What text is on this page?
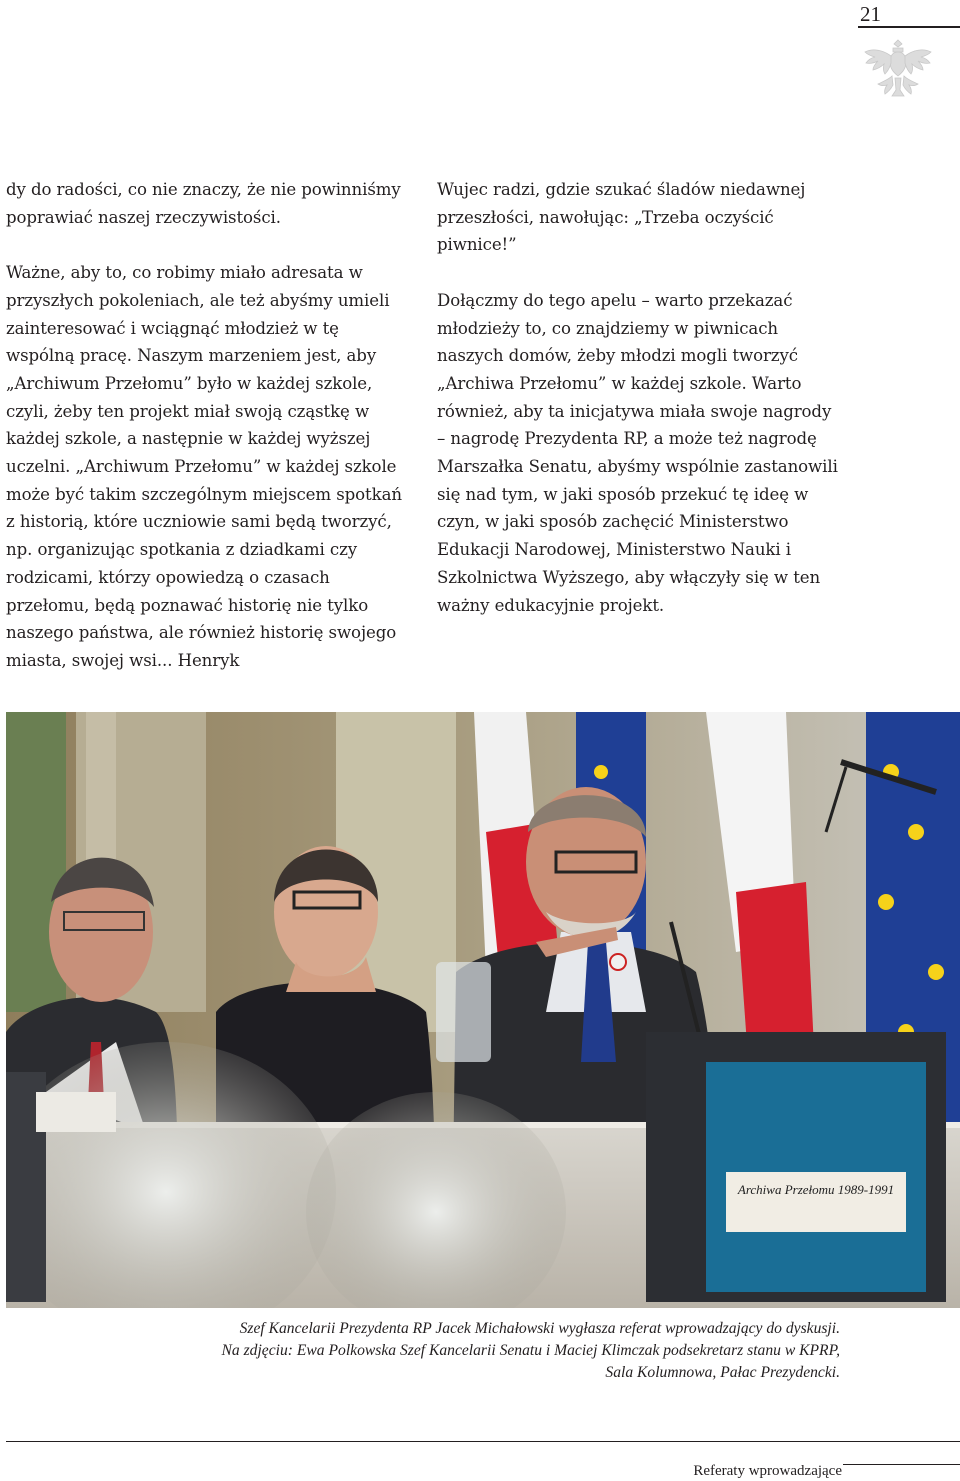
21

dy do radości, co nie znaczy, że nie powinniśmy poprawiać naszej rzeczywistości.

Ważne, aby to, co robimy miało adresata w przyszłych pokoleniach, ale też abyśmy umieli zainteresować i wciągnąć młodzież w tę wspólną pracę. Naszym marzeniem jest, aby „Archiwum Przełomu” było w każdej szkole, czyli, żeby ten projekt miał swoją cząstkę w każdej szkole, a następnie w każdej wyższej uczelni. „Archiwum Przełomu” w każdej szkole może być takim szczególnym miejscem spotkań z historią, które uczniowie sami będą tworzyć, np. organizując spotkania z dziadkami czy rodzicami, którzy opowiedzą o czasach przełomu, będą poznawać historię nie tylko naszego państwa, ale również historię swojego miasta, swojej wsi... Henryk

Wujec radzi, gdzie szukać śladów niedawnej przeszłości, nawołując: „Trzeba oczyścić piwnice!”

Dołączmy do tego apelu – warto przekazać młodzieży to, co znajdziemy w piwnicach naszych domów, żeby młodzi mogli tworzyć „Archiwa Przełomu” w każdej szkole. Warto również, aby ta inicjatywa miała swoje nagrody – nagrodę Prezydenta RP, a może też nagrodę Marszałka Senatu, abyśmy wspólnie zastanowili się nad tym, w jaki sposób przekuć tę ideę w czyn, w jaki sposób zachęcić Ministerstwo Edukacji Narodowej, Ministerstwo Nauki i Szkolnictwa Wyższego, aby włączyły się w ten ważny edukacyjnie projekt.

Archiwa Przełomu 1989-1991
Szef Kancelarii Prezydenta RP Jacek Michałowski wygłasza referat wprowadzający do dyskusji.
Na zdjęciu: Ewa Polkowska Szef Kancelarii Senatu i Maciej Klimczak podsekretarz stanu w KPRP,
Sala Kolumnowa, Pałac Prezydencki.
Referaty wprowadzające
